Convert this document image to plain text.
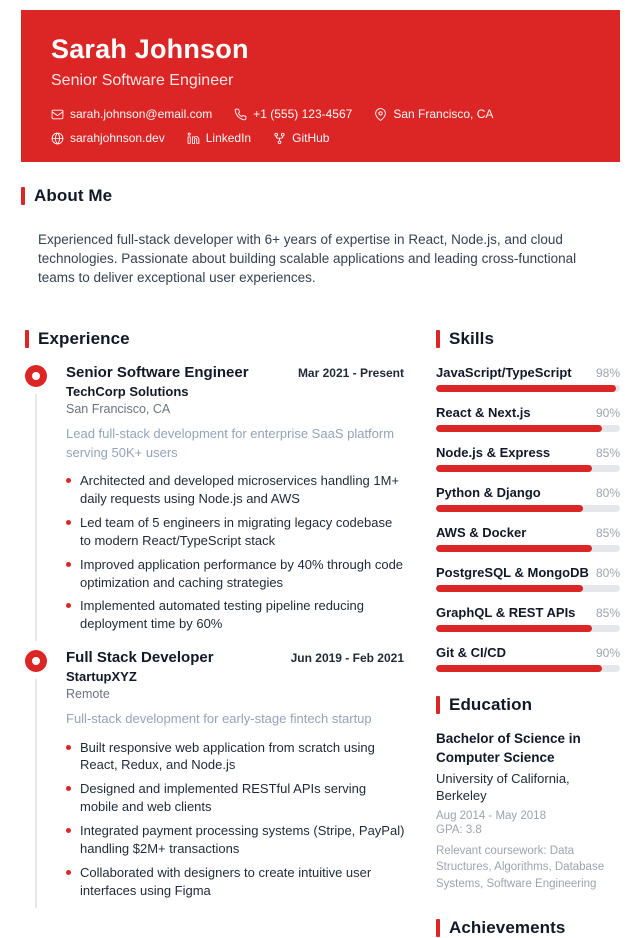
Sarah Johnson
Senior Software Engineer
sarah.johnson@email.com	+1 (555) 123-4567	San Francisco, CA
sarahjohnson.dev	LinkedIn	GitHub
About Me

Experienced full-stack developer with 6+ years of expertise in React, Node.js, and cloud technologies. Passionate about building scalable applications and leading cross-functional teams to deliver exceptional user experiences.

Experience
Senior Software Engineer	Mar 2021 - Present
TechCorp Solutions
San Francisco, CA

Lead full-stack development for enterprise SaaS platform serving 50K+ users

Architected and developed microservices handling 1M+ daily requests using Node.js and AWS
Led team of 5 engineers in migrating legacy codebase to modern React/TypeScript stack
Improved application performance by 40% through code optimization and caching strategies
Implemented automated testing pipeline reducing deployment time by 60%
Full Stack Developer	Jun 2019 - Feb 2021
StartupXYZ
Remote

Full-stack development for early-stage fintech startup

Built responsive web application from scratch using React, Redux, and Node.js
Designed and implemented RESTful APIs serving mobile and web clients
Integrated payment processing systems (Stripe, PayPal) handling $2M+ transactions
Collaborated with designers to create intuitive user interfaces using Figma
Skills
JavaScript/TypeScript 98%
React & Next.js	90%
Node.js & Express	85%
Python & Django	80%
AWS & Docker	85%
PostgreSQL & MongoDB 80%
GraphQL & REST APIs 85%
Git & CI/CD	90%
Education
Bachelor of Science in Computer Science
University of California, Berkeley
Aug 2014 - May 2018
GPA: 3.8
Relevant coursework: Data Structures, Algorithms, Database Systems, Software Engineering
Achievements
